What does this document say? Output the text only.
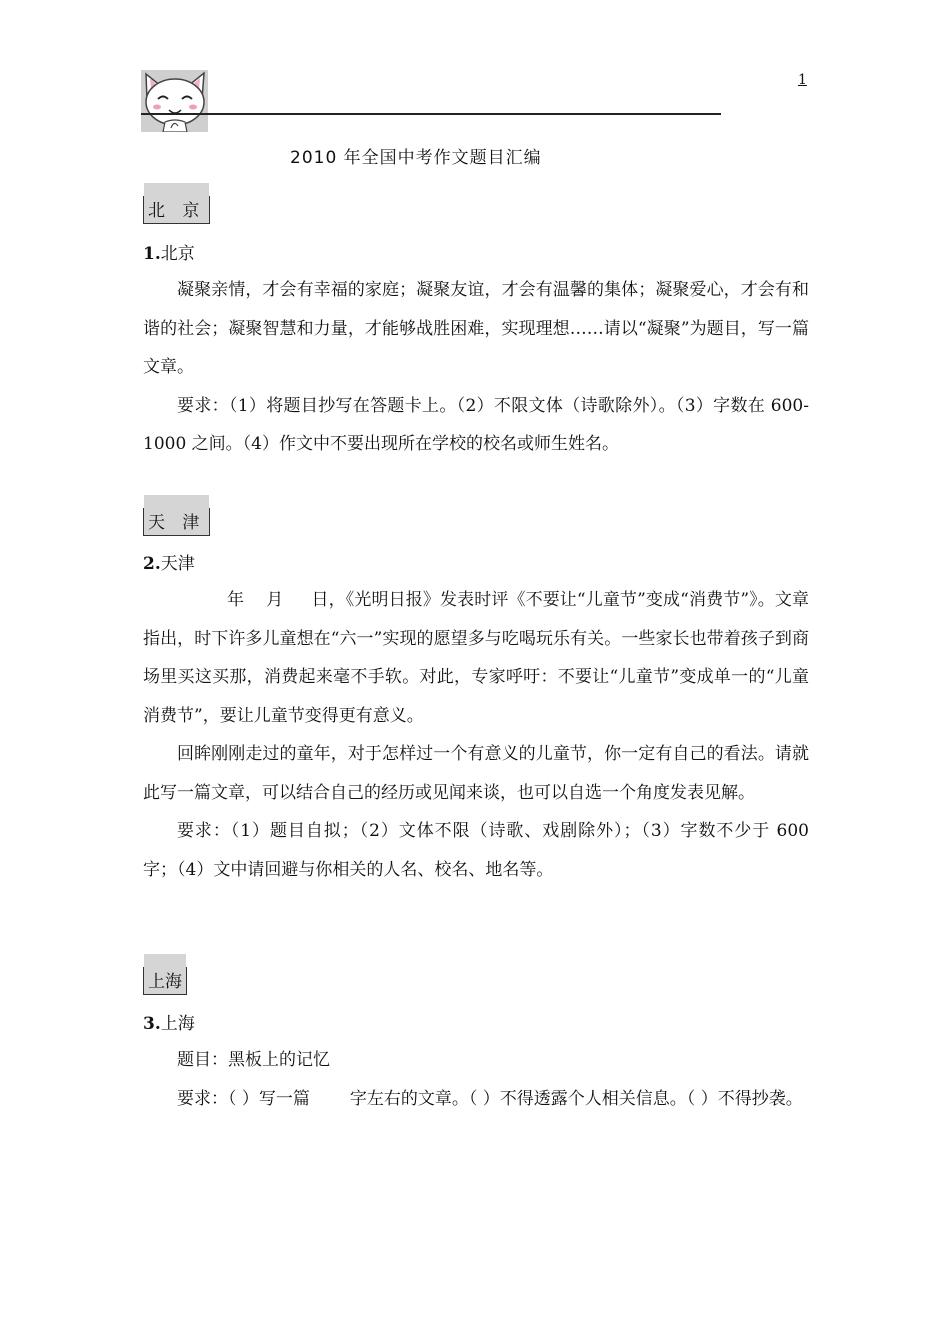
1
2010 年全国中考作文题目汇编
北 京
1.北京

凝聚亲情，才会有幸福的家庭；凝聚友谊，才会有温馨的集体；凝聚爱心，才会有和谐的社会；凝聚智慧和力量，才能够战胜困难，实现理想……请以“凝聚”为题目，写一篇文章。

要求：（1）将题目抄写在答题卡上。（2）不限文体（诗歌除外）。（3）字数在 600-1000 之间。（4）作文中不要出现所在学校的校名或师生姓名。

天 津
2.天津

年 月 日，《光明日报》发表时评《不要让“儿童节”变成“消费节”》。文章指出，时下许多儿童想在“六一”实现的愿望多与吃喝玩乐有关。一些家长也带着孩子到商场里买这买那，消费起来毫不手软。对此，专家呼吁：不要让“儿童节”变成单一的“儿童消费节”，要让儿童节变得更有意义。

回眸刚刚走过的童年，对于怎样过一个有意义的儿童节，你一定有自己的看法。请就此写一篇文章，可以结合自己的经历或见闻来谈，也可以自选一个角度发表见解。

要求：（1）题目自拟；（2）文体不限（诗歌、戏剧除外）；（3）字数不少于 600 字；（4）文中请回避与你相关的人名、校名、地名等。

上海
3.上海

题目：黑板上的记忆

要求：（ ）写一篇 字左右的文章。（ ）不得透露个人相关信息。（ ）不得抄袭。
